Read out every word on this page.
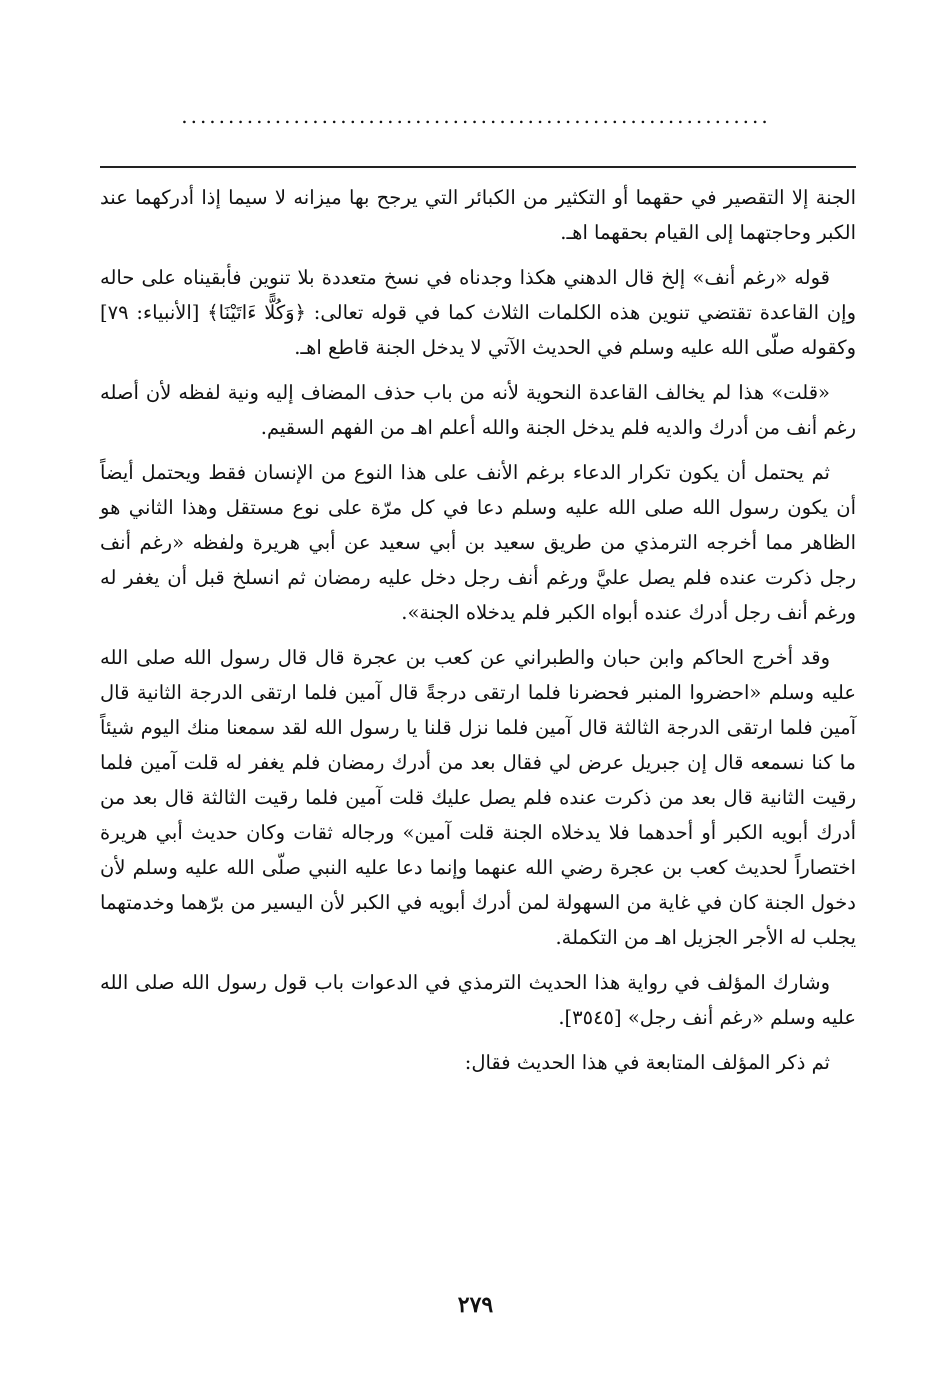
...............................................................

الجنة إلا التقصير في حقهما أو التكثير من الكبائر التي يرجح بها ميزانه لا سيما إذا أدركهما عند الكبر وحاجتهما إلى القيام بحقهما اهـ.

قوله «رغم أنف» إلخ قال الدهني هكذا وجدناه في نسخ متعددة بلا تنوين فأبقيناه على حاله وإن القاعدة تقتضي تنوين هذه الكلمات الثلاث كما في قوله تعالى: ﴿وَكُلًّا ءَاتَيْنَا﴾ [الأنبياء: ٧٩] وكقوله صلّى الله عليه وسلم في الحديث الآتي لا يدخل الجنة قاطع اهـ.

«قلت» هذا لم يخالف القاعدة النحوية لأنه من باب حذف المضاف إليه ونية لفظه لأن أصله رغم أنف من أدرك والديه فلم يدخل الجنة والله أعلم اهـ من الفهم السقيم.

ثم يحتمل أن يكون تكرار الدعاء برغم الأنف على هذا النوع من الإنسان فقط ويحتمل أيضاً أن يكون رسول الله صلى الله عليه وسلم دعا في كل مرّة على نوع مستقل وهذا الثاني هو الظاهر مما أخرجه الترمذي من طريق سعيد بن أبي سعيد عن أبي هريرة ولفظه «رغم أنف رجل ذكرت عنده فلم يصل عليَّ ورغم أنف رجل دخل عليه رمضان ثم انسلخ قبل أن يغفر له ورغم أنف رجل أدرك عنده أبواه الكبر فلم يدخلاه الجنة».

وقد أخرج الحاكم وابن حبان والطبراني عن كعب بن عجرة قال قال رسول الله صلى الله عليه وسلم «احضروا المنبر فحضرنا فلما ارتقى درجةً قال آمين فلما ارتقى الدرجة الثانية قال آمين فلما ارتقى الدرجة الثالثة قال آمين فلما نزل قلنا يا رسول الله لقد سمعنا منك اليوم شيئاً ما كنا نسمعه قال إن جبريل عرض لي فقال بعد من أدرك رمضان فلم يغفر له قلت آمين فلما رقيت الثانية قال بعد من ذكرت عنده فلم يصل عليك قلت آمين فلما رقيت الثالثة قال بعد من أدرك أبويه الكبر أو أحدهما فلا يدخلاه الجنة قلت آمين» ورجاله ثقات وكان حديث أبي هريرة اختصاراً لحديث كعب بن عجرة رضي الله عنهما وإنما دعا عليه النبي صلّى الله عليه وسلم لأن دخول الجنة كان في غاية من السهولة لمن أدرك أبويه في الكبر لأن اليسير من برّهما وخدمتهما يجلب له الأجر الجزيل اهـ من التكملة.

وشارك المؤلف في رواية هذا الحديث الترمذي في الدعوات باب قول رسول الله صلى الله عليه وسلم «رغم أنف رجل» [٣٥٤٥].

ثم ذكر المؤلف المتابعة في هذا الحديث فقال:

٢٧٩
